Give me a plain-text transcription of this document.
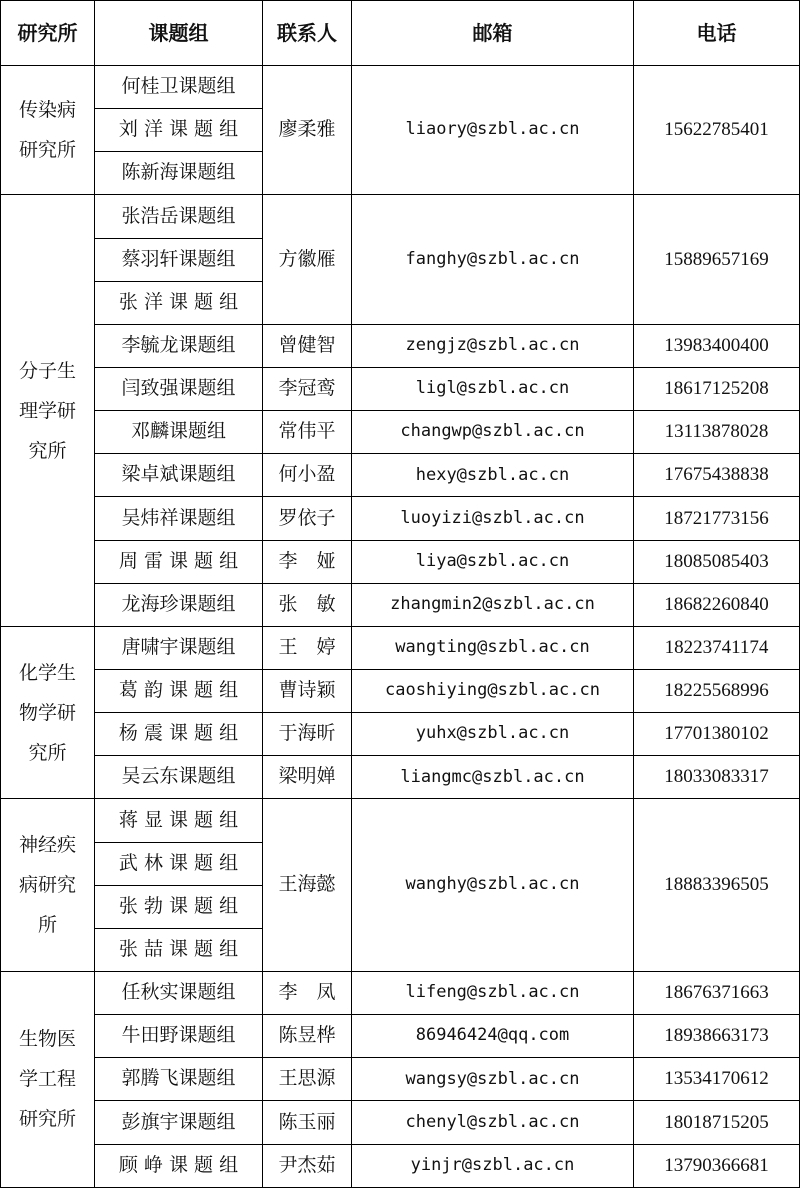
研究所	课题组	联系人	邮箱	电话
传染病研究所	何桂卫课题组	廖柔雅	liaory@szbl.ac.cn	15622785401
	刘 洋 课 题 组			
	陈新海课题组			
分子生理学研究所	张浩岳课题组	方徽雁	fanghy@szbl.ac.cn	15889657169
	蔡羽轩课题组			
	张 洋 课 题 组			
	李毓龙课题组	曾健智	zengjz@szbl.ac.cn	13983400400
	闫致强课题组	李冠鸾	ligl@szbl.ac.cn	18617125208
	邓麟课题组	常伟平	changwp@szbl.ac.cn	13113878028
	梁卓斌课题组	何小盈	hexy@szbl.ac.cn	17675438838
	吴炜祥课题组	罗依子	luoyizi@szbl.ac.cn	18721773156
	周 雷 课 题 组	李　娅	liya@szbl.ac.cn	18085085403
	龙海珍课题组	张　敏	zhangmin2@szbl.ac.cn	18682260840
化学生物学研究所	唐啸宇课题组	王　婷	wangting@szbl.ac.cn	18223741174
	葛 韵 课 题 组	曹诗颖	caoshiying@szbl.ac.cn	18225568996
	杨 震 课 题 组	于海昕	yuhx@szbl.ac.cn	17701380102
	吴云东课题组	梁明婵	liangmc@szbl.ac.cn	18033083317
神经疾病研究所	蒋 显 课 题 组	王海懿	wanghy@szbl.ac.cn	18883396505
	武 林 课 题 组			
	张 勃 课 题 组			
	张 喆 课 题 组			
生物医学工程研究所	任秋实课题组	李　凤	lifeng@szbl.ac.cn	18676371663
	牛田野课题组	陈昱桦	86946424@qq.com	18938663173
	郭腾飞课题组	王思源	wangsy@szbl.ac.cn	13534170612
	彭旗宇课题组	陈玉丽	chenyl@szbl.ac.cn	18018715205
	顾 峥 课 题 组	尹杰茹	yinjr@szbl.ac.cn	13790366681
